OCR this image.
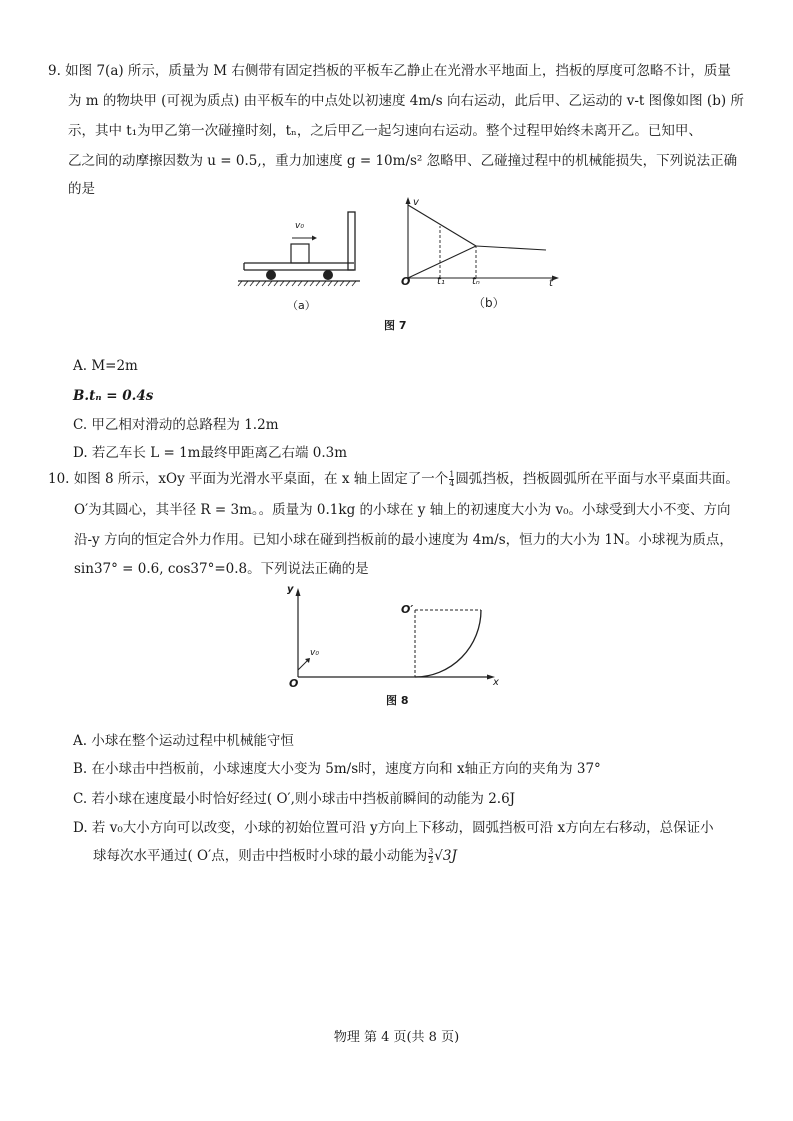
9. 如图 7(a) 所示，质量为 M 右侧带有固定挡板的平板车乙静止在光滑水平地面上，挡板的厚度可忽略不计，质量
为 m 的物块甲 (可视为质点) 由平板车的中点处以初速度 4m/s 向右运动，此后甲、乙运动的 v-t 图像如图 (b) 所
示，其中 t₁为甲乙第一次碰撞时刻，tₙ，之后甲乙一起匀速向右运动。整个过程甲始终未离开乙。已知甲、
乙之间的动摩擦因数为 u = 0.5,，重力加速度 g = 10m/s² 忽略甲、乙碰撞过程中的机械能损失，下列说法正确
的是
v₀
（a）
v
O	t₁	tₙ	t
（b）
图 7
A. M=2m
B.tₙ = 0.4s
C. 甲乙相对滑动的总路程为 1.2m
D. 若乙车长 L = 1m最终甲距离乙右端 0.3m
10. 如图 8 所示，xOy 平面为光滑水平桌面，在 x 轴上固定了一个 $\frac{1}{4}$ 圆弧挡板，挡板圆弧所在平面与水平桌面共面。
O′为其圆心，其半径 R = 3m。。质量为 0.1kg 的小球在 y 轴上的初速度大小为 v₀。小球受到大小不变、方向
沿-y 方向的恒定合外力作用。已知小球在碰到挡板前的最小速度为 4m/s，恒力的大小为 1N。小球视为质点，
sin37° = 0.6, cos37°=0.8。下列说法正确的是
y
O′
v₀
O	x
图 8
A. 小球在整个运动过程中机械能守恒
B. 在小球击中挡板前，小球速度大小变为 5m/s时，速度方向和 x轴正方向的夹角为 37°
C. 若小球在速度最小时恰好经过( O′,则小球击中挡板前瞬间的动能为 2.6J
D. 若 v₀大小方向可以改变，小球的初始位置可沿 y方向上下移动，圆弧挡板可沿 x方向左右移动，总保证小
球每次水平通过( O′点，则击中挡板时小球的最小动能为 $\frac{3}{2} √3J$
物理 第 4 页(共 8 页)
